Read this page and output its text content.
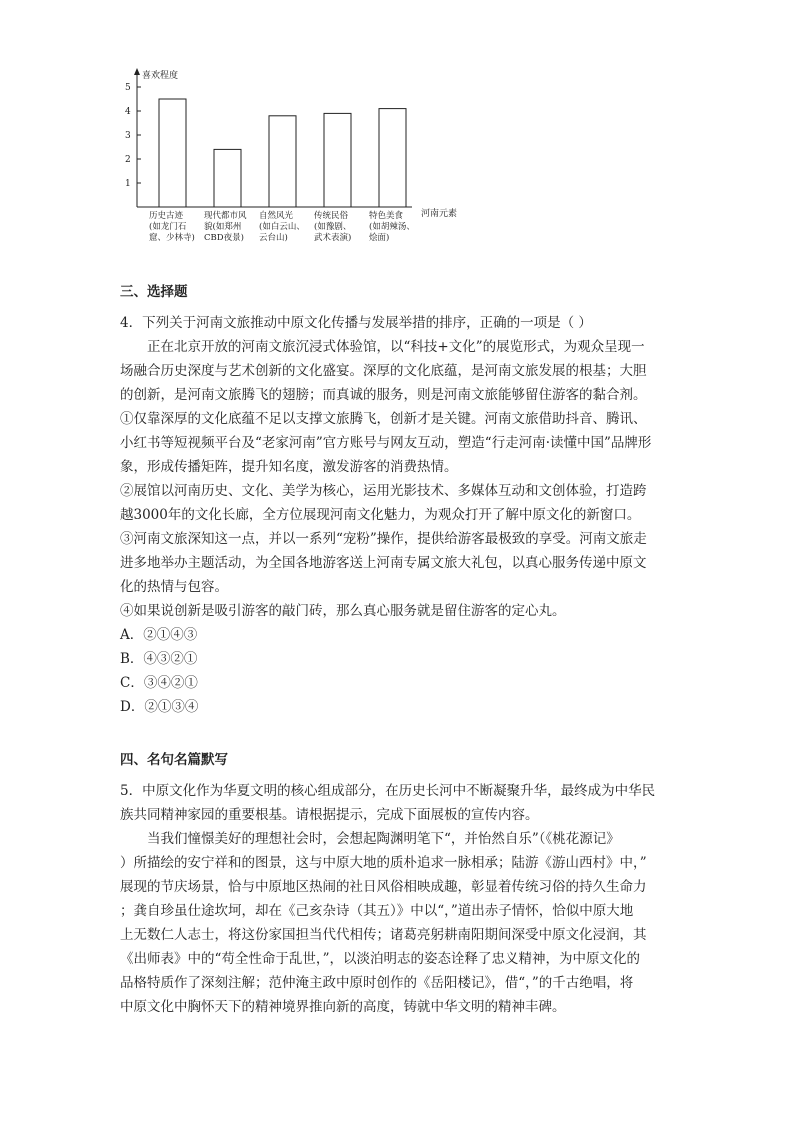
喜欢程度
河南元素
1
2
3
4
5
历史古迹(如龙门石窟、少林寺)
现代都市风貌(如郑州 CBD夜景)
自然风光(如白云山、云台山)
传统民俗(如豫剧、武术表演)
特色美食(如胡辣汤、烩面)

三、选择题

4．下列关于河南文旅推动中原文化传播与发展举措的排序，正确的一项是（ ）

正在北京开放的河南文旅沉浸式体验馆，以“科技+文化”的展览形式，为观众呈现一

场融合历史深度与艺术创新的文化盛宴。深厚的文化底蕴，是河南文旅发展的根基；大胆

的创新，是河南文旅腾飞的翅膀；而真诚的服务，则是河南文旅能够留住游客的黏合剂。

①仅靠深厚的文化底蕴不足以支撑文旅腾飞，创新才是关键。河南文旅借助抖音、腾讯、

小红书等短视频平台及“老家河南”官方账号与网友互动，塑造“行走河南·读懂中国”品牌形

象，形成传播矩阵，提升知名度，激发游客的消费热情。

②展馆以河南历史、文化、美学为核心，运用光影技术、多媒体互动和文创体验，打造跨

越3000年的文化长廊，全方位展现河南文化魅力，为观众打开了解中原文化的新窗口。

③河南文旅深知这一点，并以一系列“宠粉”操作，提供给游客最极致的享受。河南文旅走

进多地举办主题活动，为全国各地游客送上河南专属文旅大礼包，以真心服务传递中原文

化的热情与包容。

④如果说创新是吸引游客的敲门砖，那么真心服务就是留住游客的定心丸。

A．②①④③

B．④③②①

C．③④②①

D．②①③④

四、名句名篇默写

5．中原文化作为华夏文明的核心组成部分，在历史长河中不断凝聚升华，最终成为中华民

族共同精神家园的重要根基。请根据提示，完成下面展板的宣传内容。

当我们憧憬美好的理想社会时，会想起陶渊明笔下“，并怡然自乐”（《桃花源记》

）所描绘的安宁祥和的图景，这与中原大地的质朴追求一脉相承；陆游《游山西村》中，”

展现的节庆场景，恰与中原地区热闹的社日风俗相映成趣，彰显着传统习俗的持久生命力

；龚自珍虽仕途坎坷，却在《己亥杂诗（其五）》中以“，”道出赤子情怀，恰似中原大地

上无数仁人志士，将这份家国担当代代相传；诸葛亮躬耕南阳期间深受中原文化浸润，其

《出师表》中的“苟全性命于乱世，”，以淡泊明志的姿态诠释了忠义精神，为中原文化的

品格特质作了深刻注解；范仲淹主政中原时创作的《岳阳楼记》，借“，”的千古绝唱，将

中原文化中胸怀天下的精神境界推向新的高度，铸就中华文明的精神丰碑。
